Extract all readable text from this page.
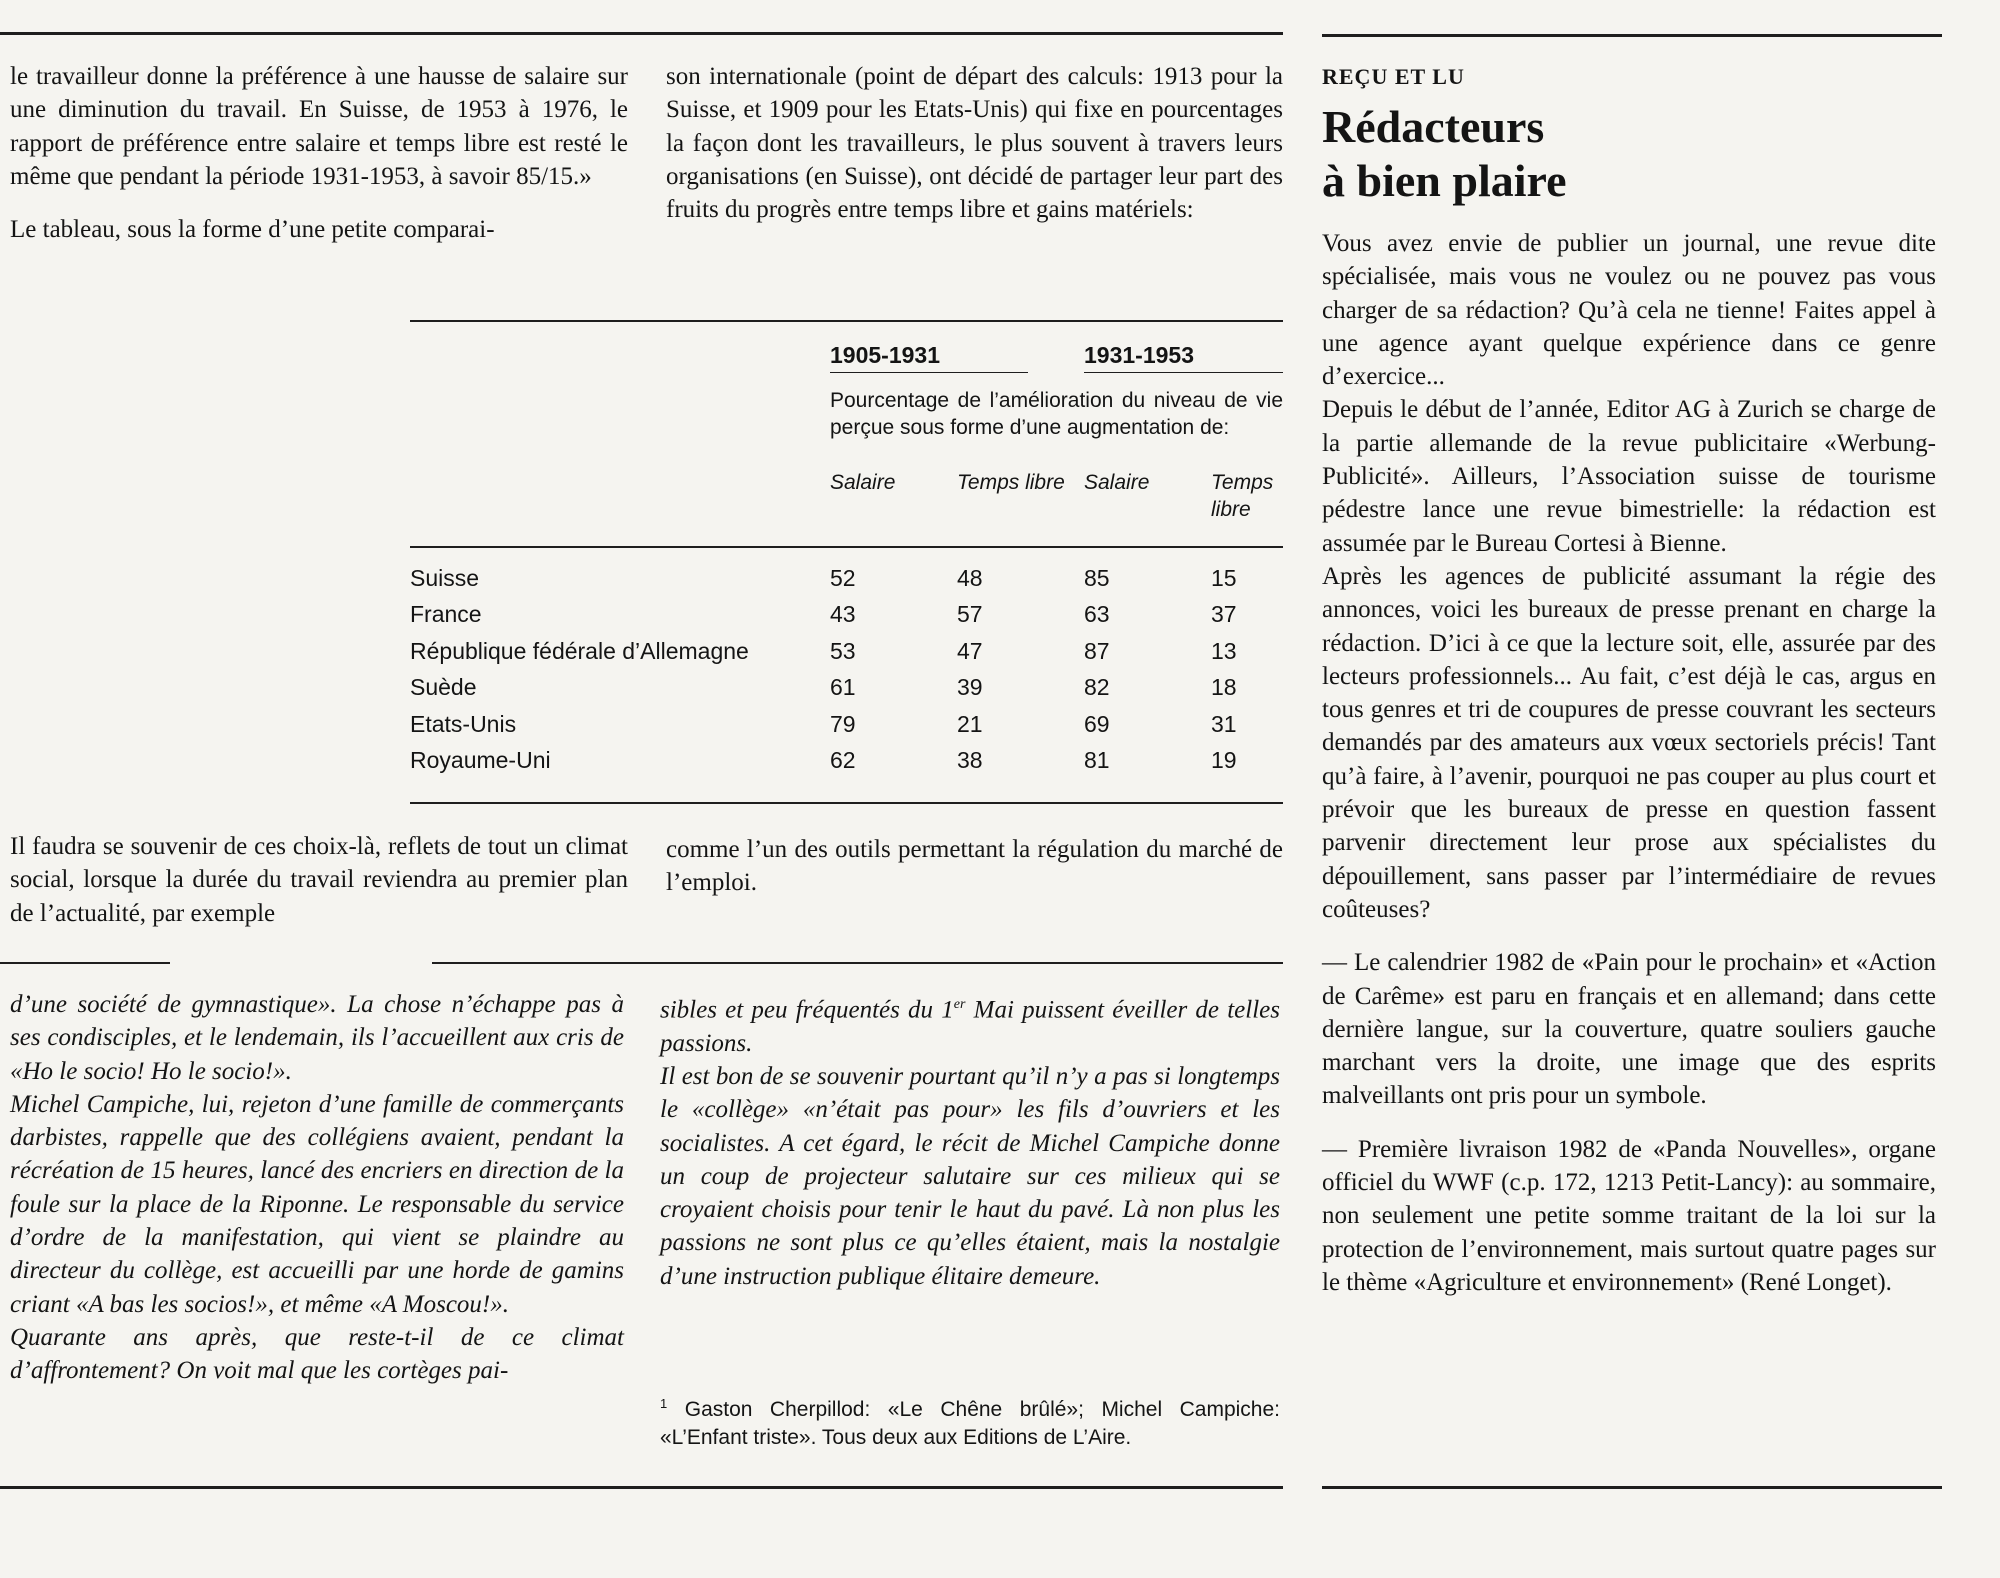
le travailleur donne la préférence à une hausse de salaire sur une diminution du travail. En Suisse, de 1953 à 1976, le rapport de préférence entre salaire et temps libre est resté le même que pendant la période 1931-1953, à savoir 85/15.»

Le tableau, sous la forme d’une petite comparai-

son internationale (point de départ des calculs: 1913 pour la Suisse, et 1909 pour les Etats-Unis) qui fixe en pourcentages la façon dont les travailleurs, le plus souvent à travers leurs organisations (en Suisse), ont décidé de partager leur part des fruits du progrès entre temps libre et gains matériels:

	1905-1931		1931-1953	
	Pourcentage de l’amélioration du niveau de vie perçue sous forme d’une augmentation de:			
	Salaire	Temps libre	Salaire	Temps libre
Suisse	52	48	85	15
France	43	57	63	37
République fédérale d’Allemagne	53	47	87	13
Suède	61	39	82	18
Etats-Unis	79	21	69	31
Royaume-Uni	62	38	81	19

Il faudra se souvenir de ces choix-là, reflets de tout un climat social, lorsque la durée du travail reviendra au premier plan de l’actualité, par exemple

comme l’un des outils permettant la régulation du marché de l’emploi.

d’une société de gymnastique». La chose n’échappe pas à ses condisciples, et le lendemain, ils l’accueillent aux cris de «Ho le socio! Ho le socio!».

Michel Campiche, lui, rejeton d’une famille de commerçants darbistes, rappelle que des collégiens avaient, pendant la récréation de 15 heures, lancé des encriers en direction de la foule sur la place de la Riponne. Le responsable du service d’ordre de la manifestation, qui vient se plaindre au directeur du collège, est accueilli par une horde de gamins criant «A bas les socios!», et même «A Moscou!».

Quarante ans après, que reste-t-il de ce climat d’affrontement? On voit mal que les cortèges pai-

sibles et peu fréquentés du 1er Mai puissent éveiller de telles passions.

Il est bon de se souvenir pourtant qu’il n’y a pas si longtemps le «collège» «n’était pas pour» les fils d’ouvriers et les socialistes. A cet égard, le récit de Michel Campiche donne un coup de projecteur salutaire sur ces milieux qui se croyaient choisis pour tenir le haut du pavé. Là non plus les passions ne sont plus ce qu’elles étaient, mais la nostalgie d’une instruction publique élitaire demeure.

$^1$ Gaston Cherpillod: «Le Chêne brûlé»; Michel Campiche: «L’Enfant triste». Tous deux aux Editions de L’Aire.

REÇU ET LU

Rédacteurs
à bien plaire

Vous avez envie de publier un journal, une revue dite spécialisée, mais vous ne voulez ou ne pouvez pas vous charger de sa rédaction? Qu’à cela ne tienne! Faites appel à une agence ayant quelque expérience dans ce genre d’exercice...

Depuis le début de l’année, Editor AG à Zurich se charge de la partie allemande de la revue publicitaire «Werbung-Publicité». Ailleurs, l’Association suisse de tourisme pédestre lance une revue bimestrielle: la rédaction est assumée par le Bureau Cortesi à Bienne.

Après les agences de publicité assumant la régie des annonces, voici les bureaux de presse prenant en charge la rédaction. D’ici à ce que la lecture soit, elle, assurée par des lecteurs professionnels... Au fait, c’est déjà le cas, argus en tous genres et tri de coupures de presse couvrant les secteurs demandés par des amateurs aux vœux sectoriels précis! Tant qu’à faire, à l’avenir, pourquoi ne pas couper au plus court et prévoir que les bureaux de presse en question fassent parvenir directement leur prose aux spécialistes du dépouillement, sans passer par l’intermédiaire de revues coûteuses?

— Le calendrier 1982 de «Pain pour le prochain» et «Action de Carême» est paru en français et en allemand; dans cette dernière langue, sur la couverture, quatre souliers gauche marchant vers la droite, une image que des esprits malveillants ont pris pour un symbole.

— Première livraison 1982 de «Panda Nouvelles», organe officiel du WWF (c.p. 172, 1213 Petit-Lancy): au sommaire, non seulement une petite somme traitant de la loi sur la protection de l’environnement, mais surtout quatre pages sur le thème «Agriculture et environnement» (René Longet).
